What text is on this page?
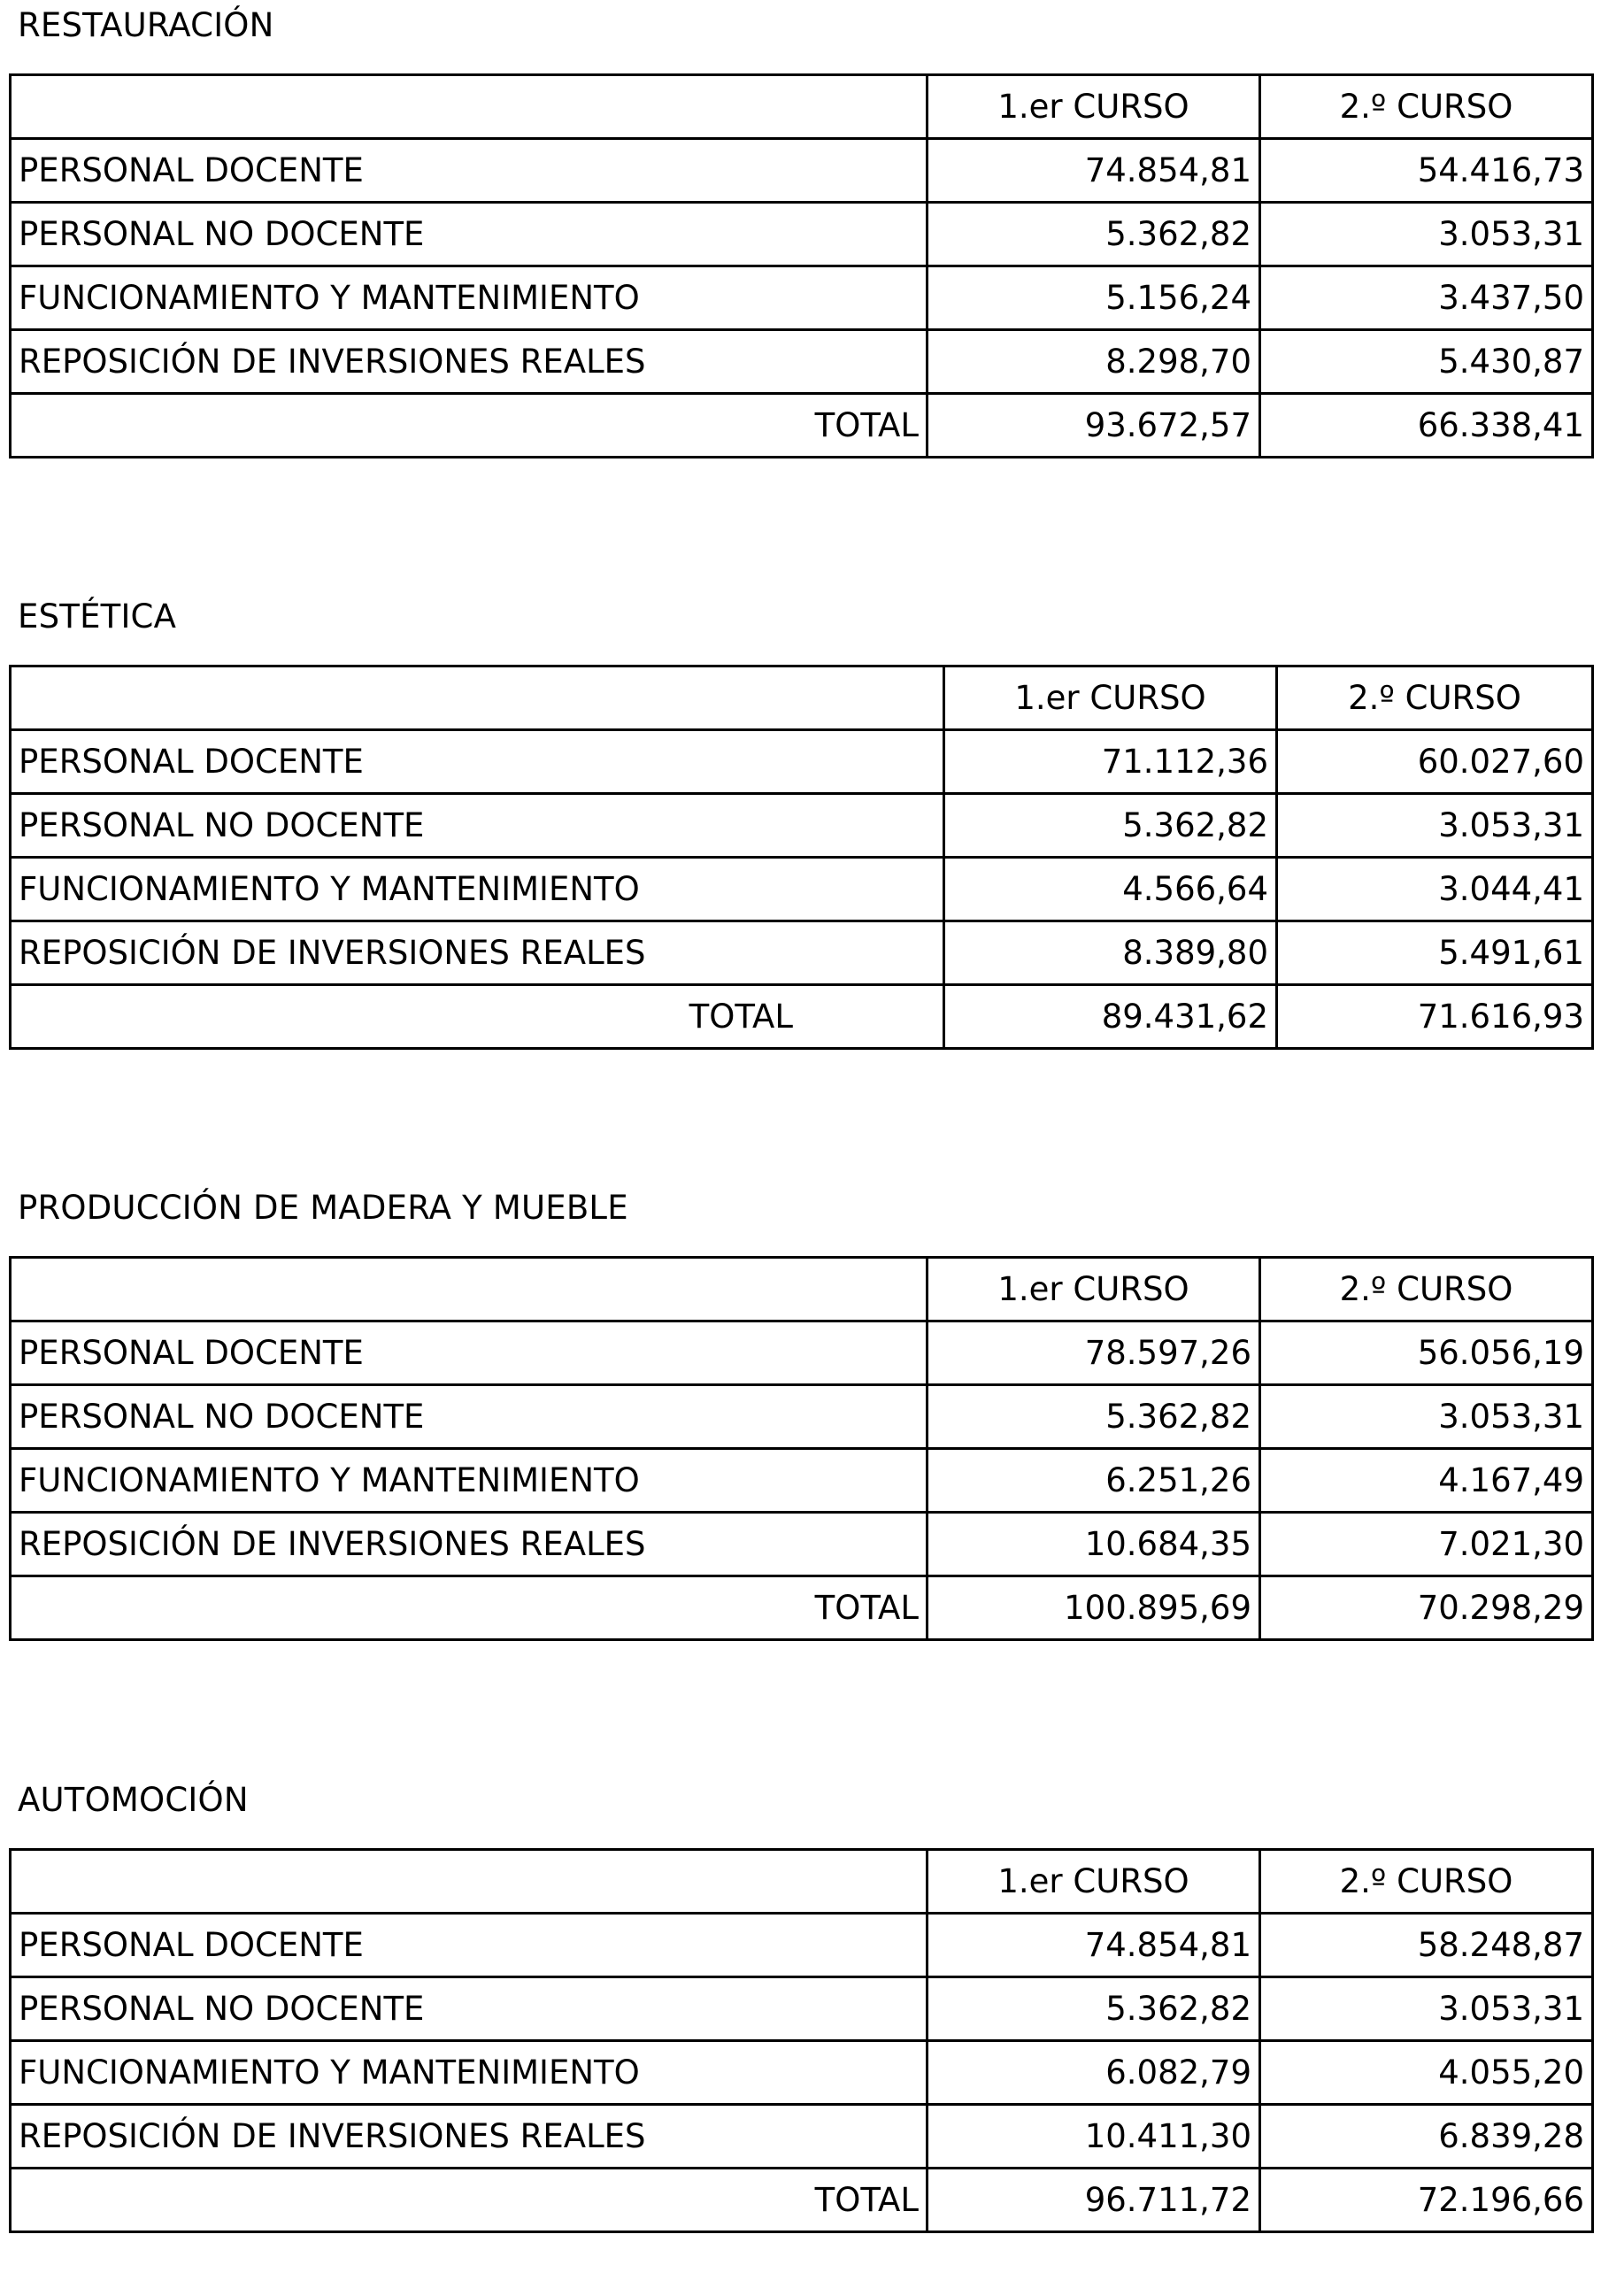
RESTAURACIÓN
	1.er CURSO	2.º CURSO
PERSONAL DOCENTE	74.854,81	54.416,73
PERSONAL NO DOCENTE	5.362,82	3.053,31
FUNCIONAMIENTO Y MANTENIMIENTO	5.156,24	3.437,50
REPOSICIÓN DE INVERSIONES REALES	8.298,70	5.430,87
TOTAL	93.672,57	66.338,41
ESTÉTICA
	1.er CURSO	2.º CURSO
PERSONAL DOCENTE	71.112,36	60.027,60
PERSONAL NO DOCENTE	5.362,82	3.053,31
FUNCIONAMIENTO Y MANTENIMIENTO	4.566,64	3.044,41
REPOSICIÓN DE INVERSIONES REALES	8.389,80	5.491,61
TOTAL	89.431,62	71.616,93
PRODUCCIÓN DE MADERA Y MUEBLE
	1.er CURSO	2.º CURSO
PERSONAL DOCENTE	78.597,26	56.056,19
PERSONAL NO DOCENTE	5.362,82	3.053,31
FUNCIONAMIENTO Y MANTENIMIENTO	6.251,26	4.167,49
REPOSICIÓN DE INVERSIONES REALES	10.684,35	7.021,30
TOTAL	100.895,69	70.298,29
AUTOMOCIÓN
	1.er CURSO	2.º CURSO
PERSONAL DOCENTE	74.854,81	58.248,87
PERSONAL NO DOCENTE	5.362,82	3.053,31
FUNCIONAMIENTO Y MANTENIMIENTO	6.082,79	4.055,20
REPOSICIÓN DE INVERSIONES REALES	10.411,30	6.839,28
TOTAL	96.711,72	72.196,66
